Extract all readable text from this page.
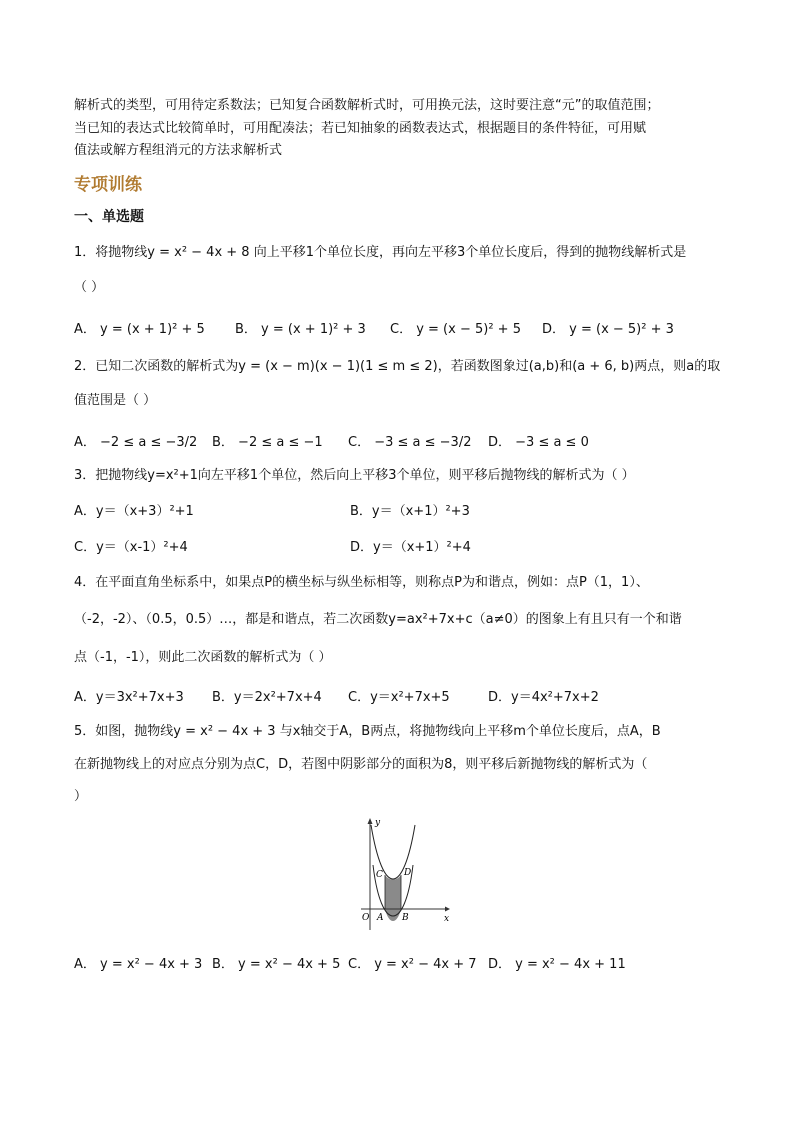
解析式的类型，可用待定系数法；已知复合函数解析式时，可用换元法，这时要注意“元”的取值范围；
当已知的表达式比较简单时，可用配凑法；若已知抽象的函数表达式，根据题目的条件特征，可用赋
值法或解方程组消元的方法求解析式
专项训练
一、单选题
1．将抛物线y = x² − 4x + 8 向上平移1个单位长度，再向左平移3个单位长度后，得到的抛物线解析式是
（ ）
A． y = (x + 1)² + 5 B． y = (x + 1)² + 3 C． y = (x − 5)² + 5 D． y = (x − 5)² + 3
2．已知二次函数的解析式为y = (x − m)(x − 1)(1 ≤ m ≤ 2)，若函数图象过(a,b)和(a + 6, b)两点，则a的取
值范围是（ ）
A． −2 ≤ a ≤ −3/2 B． −2 ≤ a ≤ −1 C． −3 ≤ a ≤ −3/2 D． −3 ≤ a ≤ 0
3．把抛物线y=x²+1向左平移1个单位，然后向上平移3个单位，则平移后抛物线的解析式为（ ）
A．y＝（x+3）²+1	B．y＝（x+1）²+3
C．y＝（x-1）²+4	D．y＝（x+1）²+4
4．在平面直角坐标系中，如果点P的横坐标与纵坐标相等，则称点P为和谐点，例如：点P（1，1）、
（-2，-2）、（0.5，0.5）…，都是和谐点，若二次函数y=ax²+7x+c（a≠0）的图象上有且只有一个和谐
点（-1，-1），则此二次函数的解析式为（ ）
A．y＝3x²+7x+3 B．y＝2x²+7x+4 C．y＝x²+7x+5	D．y＝4x²+7x+2
5．如图，抛物线y = x² − 4x + 3 与x轴交于A，B两点，将抛物线向上平移m个单位长度后，点A，B
在新抛物线上的对应点分别为点C，D，若图中阴影部分的面积为8，则平移后新抛物线的解析式为（
）
y
x
O A B
C D
A． y = x² − 4x + 3 B． y = x² − 4x + 5 C． y = x² − 4x + 7 D． y = x² − 4x + 11
